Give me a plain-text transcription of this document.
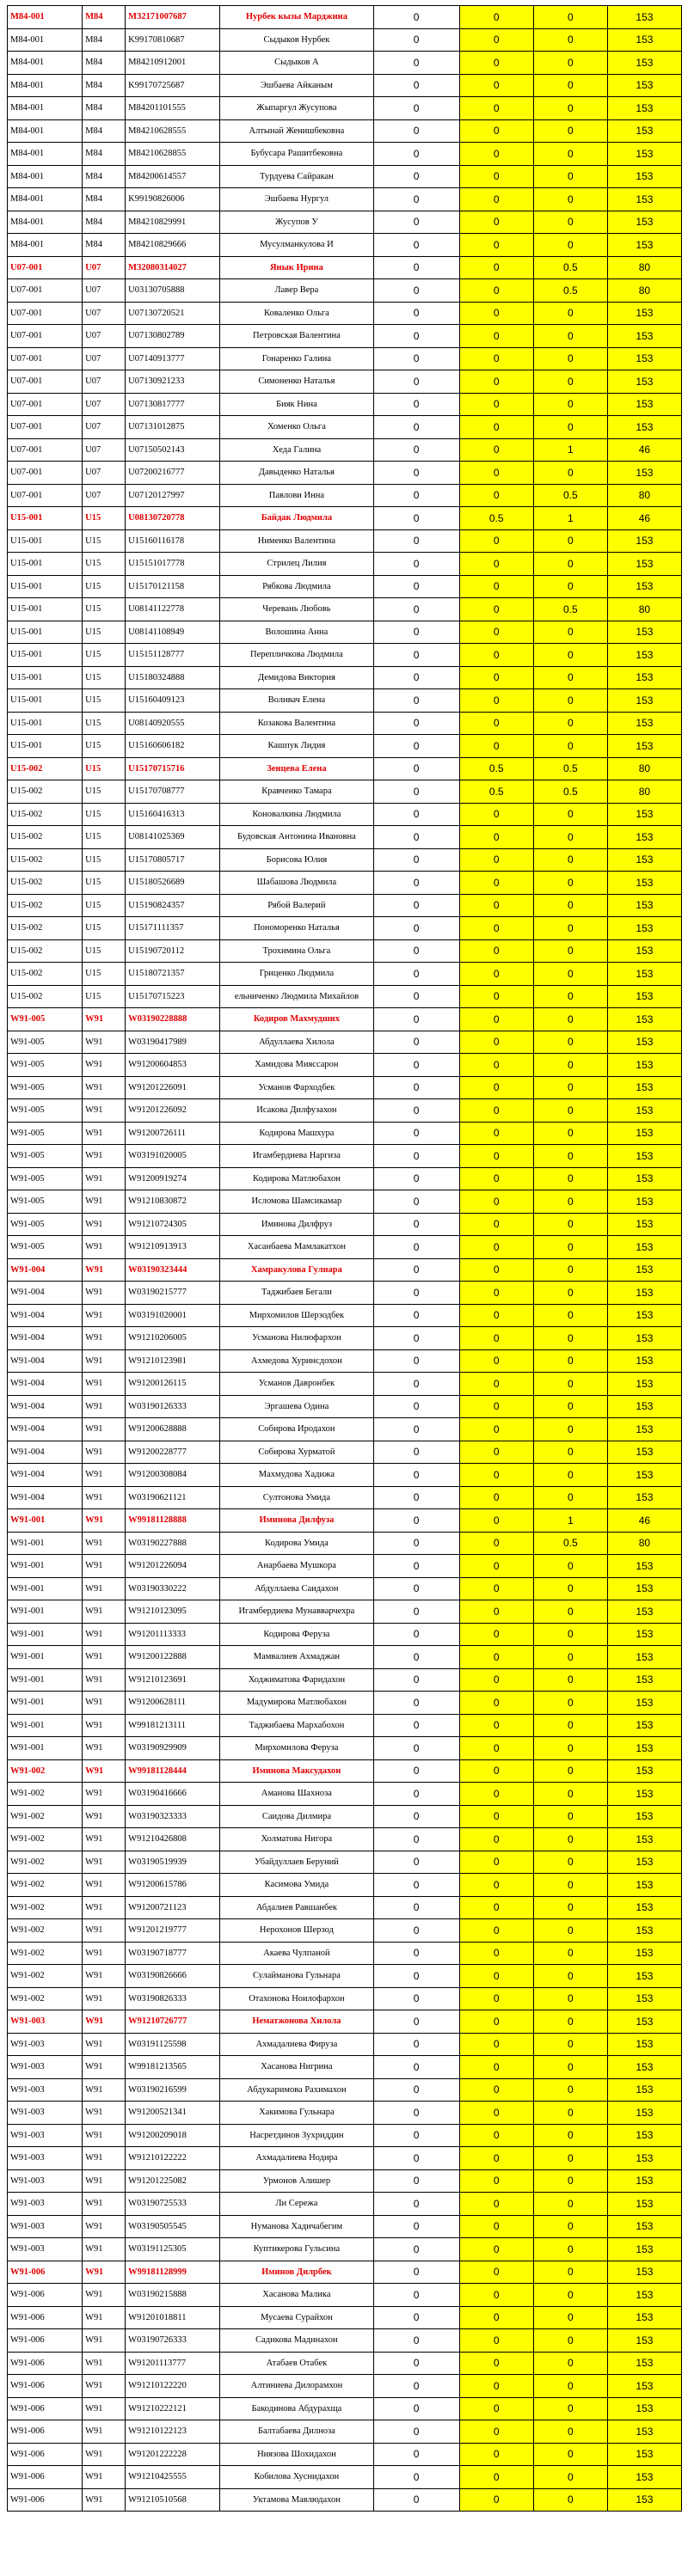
M84-001	M84	M32171007687	Нурбек кызы Марджина	0	0	0	153
M84-001	M84	K99170810687	Сыдыков Нурбек	0	0	0	153
M84-001	M84	M84210912001	Сыдыков А	0	0	0	153
M84-001	M84	K99170725687	Эшбаева Айканым	0	0	0	153
M84-001	M84	M84201101555	Жыпаргул Жусупова	0	0	0	153
M84-001	M84	M84210628555	Алтынай Женишбековна	0	0	0	153
M84-001	M84	M84210628855	Бубусара Рашитбековна	0	0	0	153
M84-001	M84	M84200614557	Турдуева Сайракан	0	0	0	153
M84-001	M84	K99190826006	Эшбаева Нургул	0	0	0	153
M84-001	M84	M84210829991	Жусупов У	0	0	0	153
M84-001	M84	M84210829666	Мусулманкулова И	0	0	0	153
U07-001	U07	M32080314027	Янык Ирина	0	0	0.5	80
U07-001	U07	U03130705888	Лавер Вера	0	0	0.5	80
U07-001	U07	U07130720521	Коваленко Ольга	0	0	0	153
U07-001	U07	U07130802789	Петровская Валентина	0	0	0	153
U07-001	U07	U07140913777	Гонаренко Галина	0	0	0	153
U07-001	U07	U07130921233	Симоненко Наталья	0	0	0	153
U07-001	U07	U07130817777	Бияк Нина	0	0	0	153
U07-001	U07	U07131012875	Хоменко Ольга	0	0	0	153
U07-001	U07	U07150502143	Хеда Галина	0	0	1	46
U07-001	U07	U07200216777	Давыденко Наталья	0	0	0	153
U07-001	U07	U07120127997	Павлови Инна	0	0	0.5	80
U15-001	U15	U08130720778	Байдак Людмила	0	0.5	1	46
U15-001	U15	U15160116178	Нименко Валентина	0	0	0	153
U15-001	U15	U15151017778	Стрилец Лилия	0	0	0	153
U15-001	U15	U15170121158	Рябкова Людмила	0	0	0	153
U15-001	U15	U08141122778	Черевань Любовь	0	0	0.5	80
U15-001	U15	U08141108949	Волошина Анна	0	0	0	153
U15-001	U15	U15151128777	Перепличкова Людмила	0	0	0	153
U15-001	U15	U15180324888	Демидова Виктория	0	0	0	153
U15-001	U15	U15160409123	Волнвач Елена	0	0	0	153
U15-001	U15	U08140920555	Козакова Валентина	0	0	0	153
U15-001	U15	U15160606182	Кашпук Лидия	0	0	0	153
U15-002	U15	U15170715716	Зенцева Елена	0	0.5	0.5	80
U15-002	U15	U15170708777	Кравченко Тамара	0	0.5	0.5	80
U15-002	U15	U15160416313	Коновалкина Людмила	0	0	0	153
U15-002	U15	U08141025369	Будовская Антонина Ивановна	0	0	0	153
U15-002	U15	U15170805717	Борисова Юлия	0	0	0	153
U15-002	U15	U15180526689	Шабашова Людмила	0	0	0	153
U15-002	U15	U15190824357	Рябой Валерий	0	0	0	153
U15-002	U15	U15171111357	Пономоренко Наталья	0	0	0	153
U15-002	U15	U15190720112	Трохимина Ольга	0	0	0	153
U15-002	U15	U15180721357	Гриценко Людмила	0	0	0	153
U15-002	U15	U15170715223	ельниченко Людмила Михайлов	0	0	0	153
W91-005	W91	W03190228888	Кодиров Махмудших	0	0	0	153
W91-005	W91	W03190417989	Абдуллаева Хилола	0	0	0	153
W91-005	W91	W91200604853	Хамидова Мияссарон	0	0	0	153
W91-005	W91	W91201226091	Усманов Фарходбек	0	0	0	153
W91-005	W91	W91201226092	Исакова Дилфузахон	0	0	0	153
W91-005	W91	W91200726111	Кодирова Машхура	0	0	0	153
W91-005	W91	W03191020005	Игамбердиева Наргиза	0	0	0	153
W91-005	W91	W91200919274	Кодирова Матлюбахон	0	0	0	153
W91-005	W91	W91210830872	Исломова Шамсикамар	0	0	0	153
W91-005	W91	W91210724305	Иминова Дилфруз	0	0	0	153
W91-005	W91	W91210913913	Хасанбаева Мамлакатхон	0	0	0	153
W91-004	W91	W03190323444	Хамракулова Гулнара	0	0	0	153
W91-004	W91	W03190215777	Таджибаев Бегали	0	0	0	153
W91-004	W91	W03191020001	Мирхомилов Шерзодбек	0	0	0	153
W91-004	W91	W91210206005	Усманова Нилюфархон	0	0	0	153
W91-004	W91	W91210123981	Ахмедова Хуринсдохон	0	0	0	153
W91-004	W91	W91200126115	Усманов Давронбек	0	0	0	153
W91-004	W91	W03190126333	Эргашева Одина	0	0	0	153
W91-004	W91	W91200628888	Собирова Иродахон	0	0	0	153
W91-004	W91	W91200228777	Собирова Хурматой	0	0	0	153
W91-004	W91	W91200308084	Махмудова Хадижа	0	0	0	153
W91-004	W91	W03190621121	Султонова Умида	0	0	0	153
W91-001	W91	W99181128888	Иминова Дилфуза	0	0	1	46
W91-001	W91	W03190227888	Кодирова Умида	0	0	0.5	80
W91-001	W91	W91201226094	Анарбаева Мушкора	0	0	0	153
W91-001	W91	W03190330222	Абдуллаева Саидахон	0	0	0	153
W91-001	W91	W91210123095	Игамбердиева Мунавварчехра	0	0	0	153
W91-001	W91	W91201113333	Кодирова Феруза	0	0	0	153
W91-001	W91	W91200122888	Мамвалиев Ахмаджан	0	0	0	153
W91-001	W91	W91210123691	Ходжиматова Фаридахон	0	0	0	153
W91-001	W91	W91200628111	Мадумирова Матлюбахон	0	0	0	153
W91-001	W91	W99181213111	Таджибаева Мархабохон	0	0	0	153
W91-001	W91	W03190929909	Мирхомилова Феруза	0	0	0	153
W91-002	W91	W99181128444	Иминова Максудахон	0	0	0	153
W91-002	W91	W03190416666	Аманова Шахноза	0	0	0	153
W91-002	W91	W03190323333	Саидова Дилмира	0	0	0	153
W91-002	W91	W91210426808	Холматова Нигора	0	0	0	153
W91-002	W91	W03190519939	Убайдуллаев Беруний	0	0	0	153
W91-002	W91	W91200615786	Касимова Умида	0	0	0	153
W91-002	W91	W91200721123	Абдалиев Равшанбек	0	0	0	153
W91-002	W91	W91201219777	Нерохонов Шерзод	0	0	0	153
W91-002	W91	W03190718777	Акаева Чулпаной	0	0	0	153
W91-002	W91	W03190826666	Сулайманова Гульнара	0	0	0	153
W91-002	W91	W03190826333	Отахонова Ноилофархон	0	0	0	153
W91-003	W91	W91210726777	Нематжонова Хилола	0	0	0	153
W91-003	W91	W03191125598	Ахмадалиева Фируза	0	0	0	153
W91-003	W91	W99181213565	Хасанова Нигрина	0	0	0	153
W91-003	W91	W03190216599	Абдукаримова Рахимахон	0	0	0	153
W91-003	W91	W91200521341	Хакимова Гульнара	0	0	0	153
W91-003	W91	W91200209018	Насретдинов Зухриддин	0	0	0	153
W91-003	W91	W91210122222	Ахмадалиева Нодира	0	0	0	153
W91-003	W91	W91201225082	Урмонов Алишер	0	0	0	153
W91-003	W91	W03190725533	Ли Сережа	0	0	0	153
W91-003	W91	W03190505545	Нуманова Хадичабегим	0	0	0	153
W91-003	W91	W03191125305	Куптикерова Гульсина	0	0	0	153
W91-006	W91	W99181128999	Иминов Дилрбек	0	0	0	153
W91-006	W91	W03190215888	Хасанова Малика	0	0	0	153
W91-006	W91	W91201018811	Мусаева Сурайхон	0	0	0	153
W91-006	W91	W03190726333	Садикова Мадинахон	0	0	0	153
W91-006	W91	W91201113777	Атабаев Отабек	0	0	0	153
W91-006	W91	W91210122220	Алтиниева Дилорамхон	0	0	0	153
W91-006	W91	W91210222121	Бакодинова Абдурахща	0	0	0	153
W91-006	W91	W91210122123	Балтабаева Дилноза	0	0	0	153
W91-006	W91	W91201222228	Ниязова Шохидахон	0	0	0	153
W91-006	W91	W91210425555	Кобилова Хуснидахон	0	0	0	153
W91-006	W91	W91210510568	Уктамова Мавлюдахон	0	0	0	153
